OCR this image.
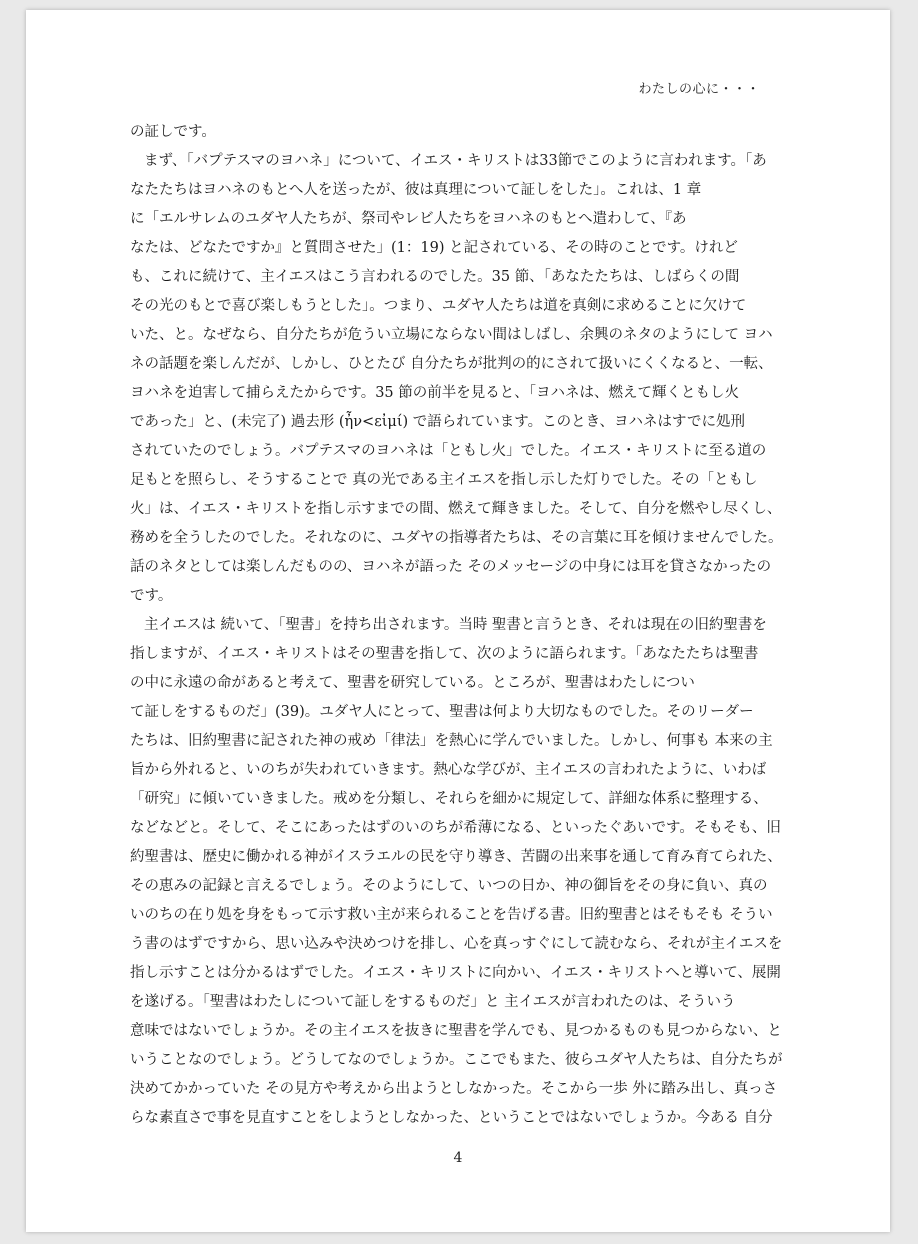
わたしの心に・・・
の証しです。
まず、「バプテスマのヨハネ」について、イエス・キリストは33節でこのように言われます。「あ
なたたちはヨハネのもとへ人を送ったが、彼は真理について証しをした」。これは、1 章
に「エルサレムのユダヤ人たちが、祭司やレビ人たちをヨハネのもとへ遣わして、『あ
なたは、どなたですか』と質問させた」(1：19) と記されている、その時のことです。けれど
も、これに続けて、主イエスはこう言われるのでした。35 節、「あなたたちは、しばらくの間
その光のもとで喜び楽しもうとした」。つまり、ユダヤ人たちは道を真剣に求めることに欠けて
いた、と。なぜなら、自分たちが危うい立場にならない間はしばし、余興のネタのようにして ヨハ
ネの話題を楽しんだが、しかし、ひとたび 自分たちが批判の的にされて扱いにくくなると、一転、
ヨハネを迫害して捕らえたからです。35 節の前半を見ると、「ヨハネは、燃えて輝くともし火
であった」と、(未完了) 過去形 (ἦν<εἰμί) で語られています。このとき、ヨハネはすでに処刑
されていたのでしょう。バプテスマのヨハネは「ともし火」でした。イエス・キリストに至る道の
足もとを照らし、そうすることで 真の光である主イエスを指し示した灯りでした。その「ともし
火」は、イエス・キリストを指し示すまでの間、燃えて輝きました。そして、自分を燃やし尽くし、
務めを全うしたのでした。それなのに、ユダヤの指導者たちは、その言葉に耳を傾けませんでした。
話のネタとしては楽しんだものの、ヨハネが語った そのメッセージの中身には耳を貸さなかったの
です。
主イエスは 続いて、「聖書」を持ち出されます。当時 聖書と言うとき、それは現在の旧約聖書を
指しますが、イエス・キリストはその聖書を指して、次のように語られます。「あなたたちは聖書
の中に永遠の命があると考えて、聖書を研究している。ところが、聖書はわたしについ
て証しをするものだ」(39)。ユダヤ人にとって、聖書は何より大切なものでした。そのリーダー
たちは、旧約聖書に記された神の戒め「律法」を熱心に学んでいました。しかし、何事も 本来の主
旨から外れると、いのちが失われていきます。熱心な学びが、主イエスの言われたように、いわば
「研究」に傾いていきました。戒めを分類し、それらを細かに規定して、詳細な体系に整理する、
などなどと。そして、そこにあったはずのいのちが希薄になる、といったぐあいです。そもそも、旧
約聖書は、歴史に働かれる神がイスラエルの民を守り導き、苦闘の出来事を通して育み育てられた、
その恵みの記録と言えるでしょう。そのようにして、いつの日か、神の御旨をその身に負い、真の
いのちの在り処を身をもって示す救い主が来られることを告げる書。旧約聖書とはそもそも そうい
う書のはずですから、思い込みや決めつけを排し、心を真っすぐにして読むなら、それが主イエスを
指し示すことは分かるはずでした。イエス・キリストに向かい、イエス・キリストへと導いて、展開
を遂げる。「聖書はわたしについて証しをするものだ」と 主イエスが言われたのは、そういう
意味ではないでしょうか。その主イエスを抜きに聖書を学んでも、見つかるものも見つからない、と
いうことなのでしょう。どうしてなのでしょうか。ここでもまた、彼らユダヤ人たちは、自分たちが
決めてかかっていた その見方や考えから出ようとしなかった。そこから一歩 外に踏み出し、真っさ
らな素直さで事を見直すことをしようとしなかった、ということではないでしょうか。今ある 自分
4
